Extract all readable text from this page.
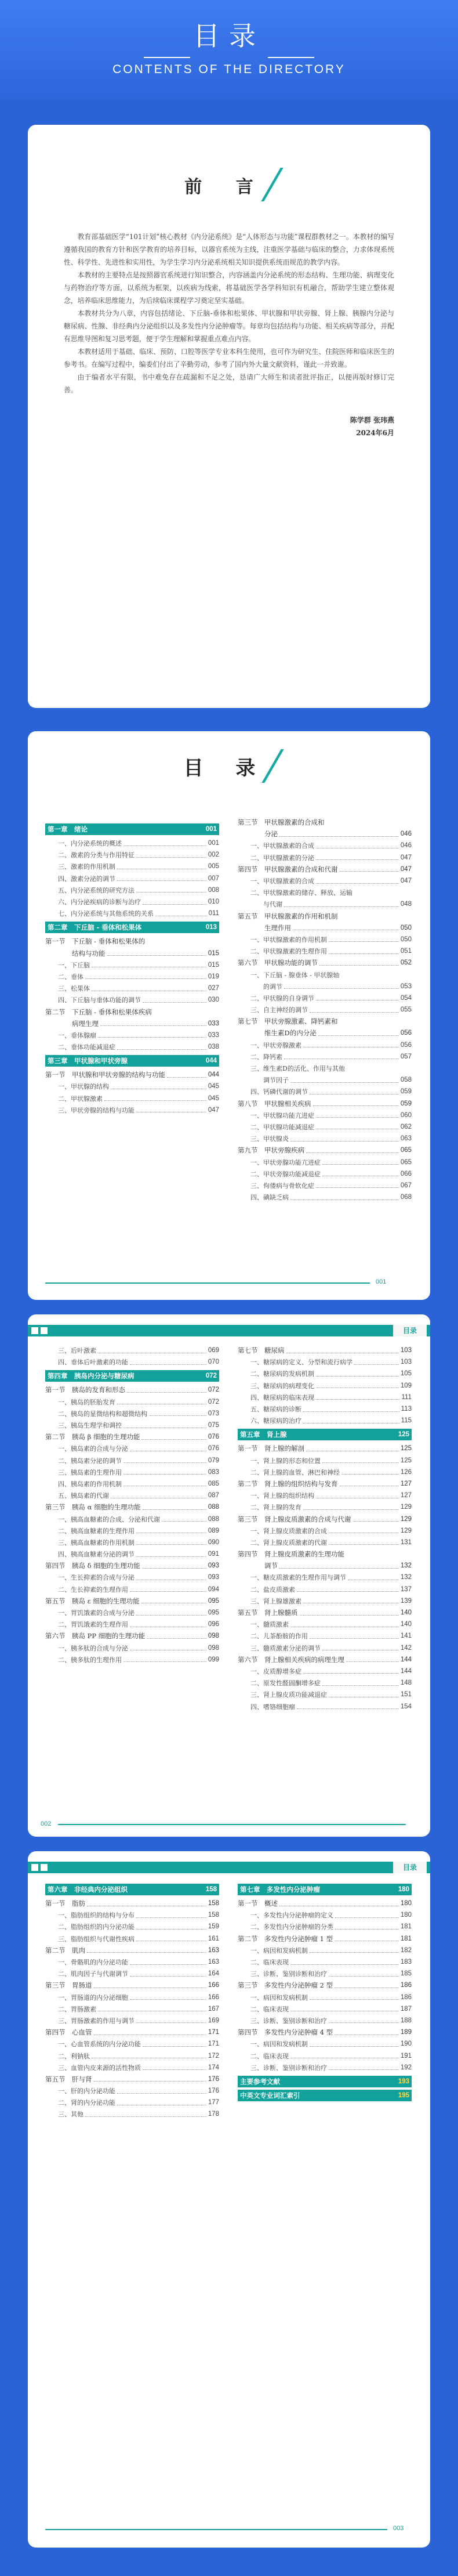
目录
CONTENTS OF THE DIRECTORY
前 言

教育部基础医学“101计划”核心教材《内分泌系统》是“人体形态与功能”课程群教材之一。本教材的编写遵循我国的教育方针和医学教育的培养目标，以器官系统为主线，注重医学基础与临床的整合，力求体现系统性、科学性、先进性和实用性，为学生学习内分泌系统相关知识提供系统而规范的教学内容。

本教材的主要特点是按照器官系统进行知识整合，内容涵盖内分泌系统的形态结构、生理功能、病理变化与药物治疗等方面，以系统为框架，以疾病为线索，将基础医学各学科知识有机融合，帮助学生建立整体观念，培养临床思维能力，为后续临床课程学习奠定坚实基础。

本教材共分为八章，内容包括绪论、下丘脑-垂体和松果体、甲状腺和甲状旁腺、肾上腺、胰腺内分泌与糖尿病、性腺、非经典内分泌组织以及多发性内分泌肿瘤等。每章均包括结构与功能、相关疾病等部分，并配有思维导图和复习思考题，便于学生理解和掌握重点难点内容。

本教材适用于基础、临床、预防、口腔等医学专业本科生使用，也可作为研究生、住院医师和临床医生的参考书。在编写过程中，编委们付出了辛勤劳动，参考了国内外大量文献资料，谨此一并致谢。

由于编者水平有限，书中难免存在疏漏和不足之处，恳请广大师生和读者批评指正，以便再版时修订完善。

陈学群 张玮燕
2024年6月
目 录
第一章　绪论	001
一、内分泌系统的概述	001
二、激素的分类与作用特征	002
三、激素的作用机制	005
四、激素分泌的调节	007
五、内分泌系统的研究方法	008
六、内分泌疾病的诊断与治疗	010
七、内分泌系统与其他系统的关系	011
第二章　下丘脑 - 垂体和松果体	013
第一节　下丘脑 - 垂体和松果体的
　　　　结构与功能	015
一、下丘脑	015
二、垂体	019
三、松果体	027
四、下丘脑与垂体功能的调节	030
第二节　下丘脑 - 垂体和松果体疾病
　　　　病理生理	033
一、垂体腺瘤	033
二、垂体功能减退症	038
第三章　甲状腺和甲状旁腺	044
第一节　甲状腺和甲状旁腺的结构与功能	044
一、甲状腺的结构	045
二、甲状腺激素	045
三、甲状旁腺的结构与功能	047
第三节　甲状腺激素的合成和
　　　　分泌	046
一、甲状腺激素的合成	046
二、甲状腺激素的分泌	047
第四节　甲状腺激素的合成和代谢	047
一、甲状腺激素的合成	047
二、甲状腺激素的储存、释放、运输
　　与代谢	048
第五节　甲状腺激素的作用和机制
　　　　生理作用	050
一、甲状腺激素的作用机制	050
二、甲状腺激素的生理作用	051
第六节　甲状腺功能的调节	052
一、下丘脑 - 腺垂体 - 甲状腺轴
　　的调节	053
二、甲状腺的自身调节	054
三、自主神经的调节	055
第七节　甲状旁腺激素、降钙素和
　　　　维生素D的内分泌	056
一、甲状旁腺激素	056
二、降钙素	057
三、维生素D的活化、作用与其他
　　调节因子	058
四、钙磷代谢的调节	059
第八节　甲状腺相关疾病	059
一、甲状腺功能亢进症	060
二、甲状腺功能减退症	062
三、甲状腺炎	063
第九节　甲状旁腺疾病	065
一、甲状旁腺功能亢进症	065
二、甲状旁腺功能减退症	066
三、佝偻病与骨软化症	067
四、碘缺乏病	068
001
目录
三、后叶激素	069
四、垂体后叶激素的功能	070
第四章　胰岛内分泌与糖尿病	072
第一节　胰岛的发育和形态	072
一、胰岛的胚胎发育	072
二、胰岛的显微结构和超微结构	073
三、胰岛生理学和调控	075
第二节　胰岛 β 细胞的生理功能	076
一、胰岛素的合成与分泌	076
二、胰岛素分泌的调节	079
三、胰岛素的生理作用	083
四、胰岛素的作用机制	085
五、胰岛素的代谢	087
第三节　胰岛 α 细胞的生理功能	088
一、胰高血糖素的合成、分泌和代谢	088
二、胰高血糖素的生理作用	089
三、胰高血糖素的作用机制	090
四、胰高血糖素分泌的调节	091
第四节　胰岛 δ 细胞的生理功能	093
一、生长抑素的合成与分泌	093
二、生长抑素的生理作用	094
第五节　胰岛 ε 细胞的生理功能	095
一、胃饥饿素的合成与分泌	095
二、胃饥饿素的生理作用	096
第六节　胰岛 PP 细胞的生理功能	098
一、胰多肽的合成与分泌	098
二、胰多肽的生理作用	099
第七节　糖尿病	103
一、糖尿病的定义、分型和流行病学	103
二、糖尿病的发病机制	105
三、糖尿病的病理变化	109
四、糖尿病的临床表现	111
五、糖尿病的诊断	113
六、糖尿病的治疗	115
第五章　肾上腺	125
第一节　肾上腺的解剖	125
一、肾上腺的形态和位置	125
二、肾上腺的血管、淋巴和神经	126
第二节　肾上腺的组织结构与发育	127
一、肾上腺的组织结构	127
二、肾上腺的发育	129
第三节　肾上腺皮质激素的合成与代谢	129
一、肾上腺皮质激素的合成	129
二、肾上腺皮质激素的代谢	131
第四节　肾上腺皮质激素的生理功能
　　　　调节	132
一、糖皮质激素的生理作用与调节	132
二、盐皮质激素	137
三、肾上腺雄激素	139
第五节　肾上腺髓质	140
一、髓质激素	140
二、儿茶酚胺的作用	141
三、髓质激素分泌的调节	142
第六节　肾上腺相关疾病的病理生理	144
一、皮质醇增多症	144
二、原发性醛固酮增多症	148
三、肾上腺皮质功能减退症	151
四、嗜铬细胞瘤	154
002
目录
第六章　非经典内分泌组织	158
第一节　脂肪	158
一、脂肪组织的结构与分布	158
二、脂肪组织的内分泌功能	159
三、脂肪组织与代谢性疾病	161
第二节　肌肉	163
一、骨骼肌的内分泌功能	163
二、肌肉因子与代谢调节	164
第三节　胃肠道	166
一、胃肠道的内分泌细胞	166
二、胃肠激素	167
三、胃肠激素的作用与调节	169
第四节　心血管	171
一、心血管系统的内分泌功能	171
二、利钠肽	172
三、血管内皮来源的活性物质	174
第五节　肝与肾	176
一、肝的内分泌功能	176
二、肾的内分泌功能	177
三、其他	178
第七章　多发性内分泌肿瘤	180
第一节　概述	180
一、多发性内分泌肿瘤的定义	180
二、多发性内分泌肿瘤的分类	181
第二节　多发性内分泌肿瘤 1 型	181
一、病因和发病机制	182
二、临床表现	183
三、诊断、鉴别诊断和治疗	185
第三节　多发性内分泌肿瘤 2 型	186
一、病因和发病机制	186
二、临床表现	187
三、诊断、鉴别诊断和治疗	188
第四节　多发性内分泌肿瘤 4 型	189
一、病因和发病机制	190
二、临床表现	191
三、诊断、鉴别诊断和治疗	192
主要参考文献	193
中英文专业词汇索引	195
003
